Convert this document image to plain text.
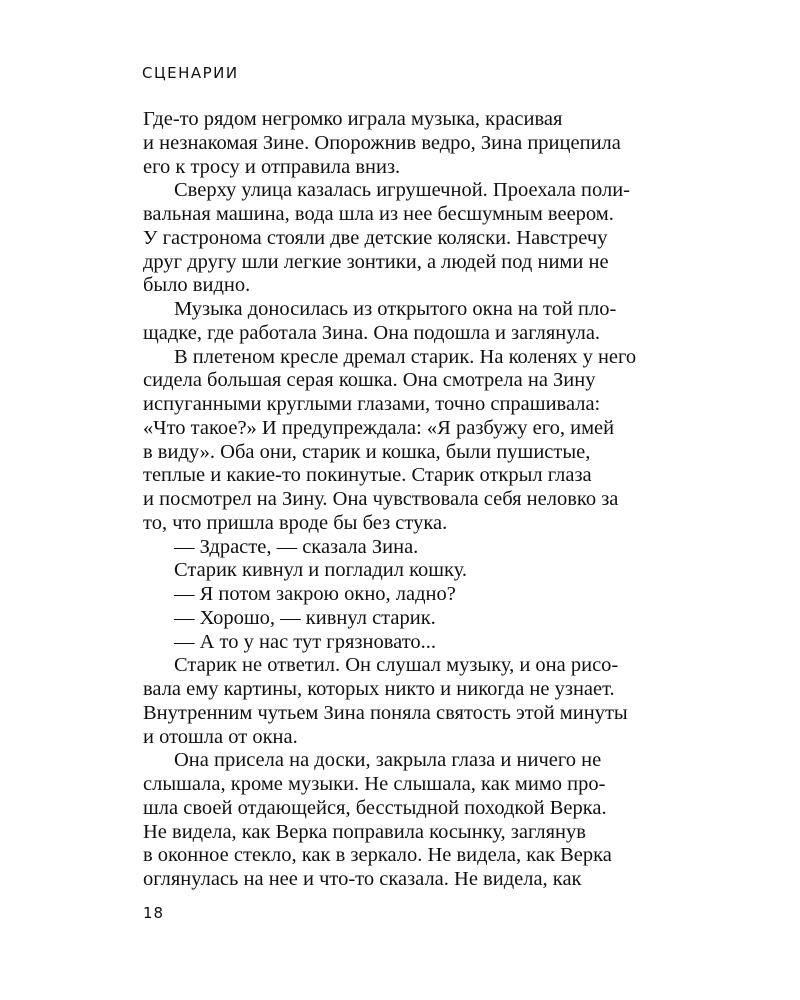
СЦЕНАРИИ
Где-то рядом негромко играла музыка, красивая
и незнакомая Зине. Опорожнив ведро, Зина прицепила
его к тросу и отправила вниз.
Сверху улица казалась игрушечной. Проехала поли-
вальная машина, вода шла из нее бесшумным веером.
У гастронома стояли две детские коляски. Навстречу
друг другу шли легкие зонтики, а людей под ними не
было видно.
Музыка доносилась из открытого окна на той пло-
щадке, где работала Зина. Она подошла и заглянула.
В плетеном кресле дремал старик. На коленях у него
сидела большая серая кошка. Она смотрела на Зину
испуганными круглыми глазами, точно спрашивала:
«Что такое?» И предупреждала: «Я разбужу его, имей
в виду». Оба они, старик и кошка, были пушистые,
теплые и какие-то покинутые. Старик открыл глаза
и посмотрел на Зину. Она чувствовала себя неловко за
то, что пришла вроде бы без стука.
— Здрасте, — сказала Зина.
Старик кивнул и погладил кошку.
— Я потом закрою окно, ладно?
— Хорошо, — кивнул старик.
— А то у нас тут грязновато...
Старик не ответил. Он слушал музыку, и она рисо-
вала ему картины, которых никто и никогда не узнает.
Внутренним чутьем Зина поняла святость этой минуты
и отошла от окна.
Она присела на доски, закрыла глаза и ничего не
слышала, кроме музыки. Не слышала, как мимо про-
шла своей отдающейся, бесстыдной походкой Верка.
Не видела, как Верка поправила косынку, заглянув
в оконное стекло, как в зеркало. Не видела, как Верка
оглянулась на нее и что-то сказала. Не видела, как
18
